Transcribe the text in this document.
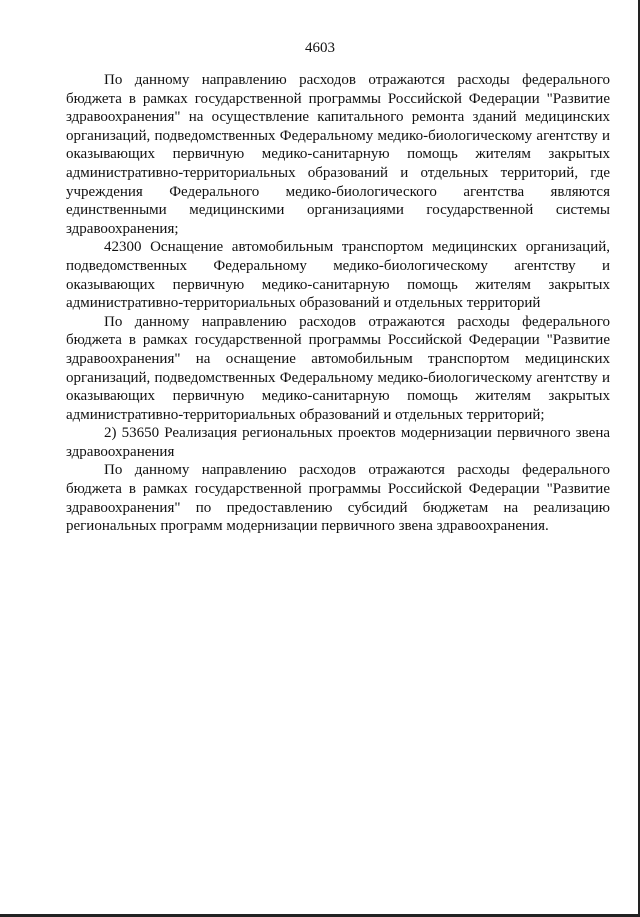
4603

По данному направлению расходов отражаются расходы федерального бюджета в рамках государственной программы Российской Федерации "Развитие здравоохранения" на осуществление капитального ремонта зданий медицинских организаций, подведомственных Федеральному медико-биологическому агентству и оказывающих первичную медико-санитарную помощь жителям закрытых административно-территориальных образований и отдельных территорий, где учреждения Федерального медико-биологического агентства являются единственными медицинскими организациями государственной системы здравоохранения;

42300 Оснащение автомобильным транспортом медицинских организаций, подведомственных Федеральному медико-биологическому агентству и оказывающих первичную медико-санитарную помощь жителям закрытых административно-территориальных образований и отдельных территорий

По данному направлению расходов отражаются расходы федерального бюджета в рамках государственной программы Российской Федерации "Развитие здравоохранения" на оснащение автомобильным транспортом медицинских организаций, подведомственных Федеральному медико-биологическому агентству и оказывающих первичную медико-санитарную помощь жителям закрытых административно-территориальных образований и отдельных территорий;

2) 53650 Реализация региональных проектов модернизации первичного звена здравоохранения

По данному направлению расходов отражаются расходы федерального бюджета в рамках государственной программы Российской Федерации "Развитие здравоохранения" по предоставлению субсидий бюджетам на реализацию региональных программ модернизации первичного звена здравоохранения.
